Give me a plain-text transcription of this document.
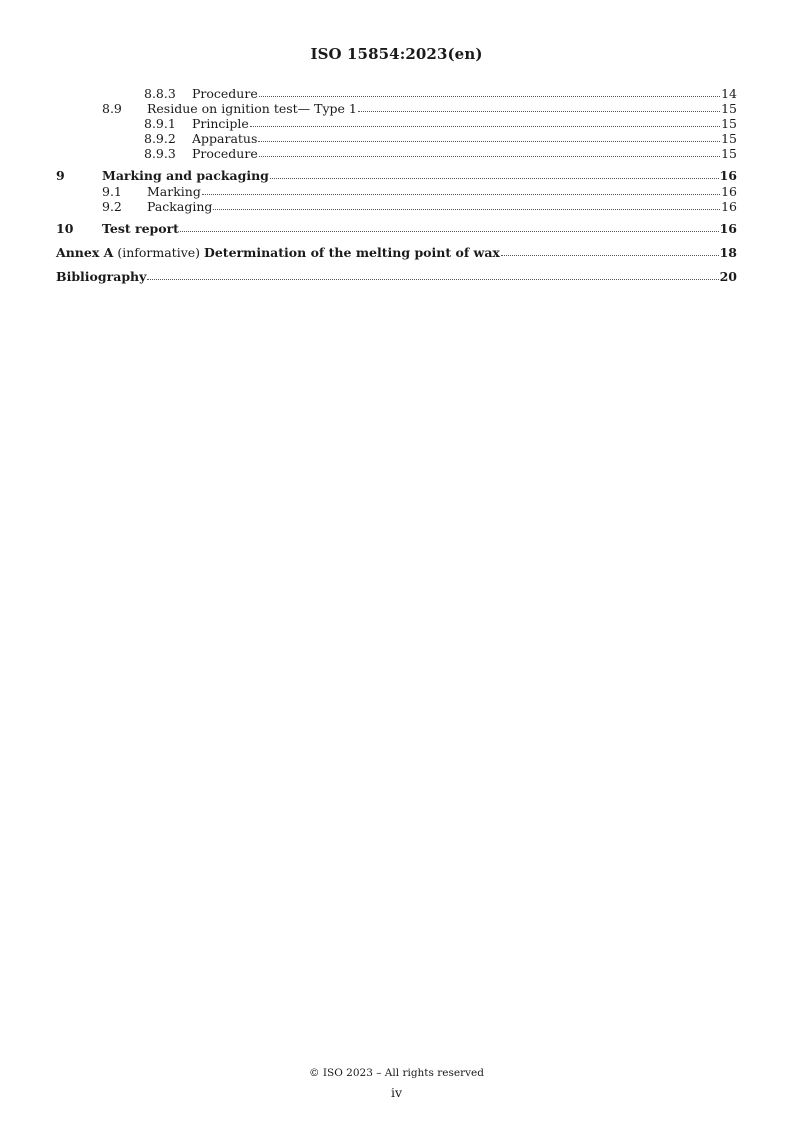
ISO 15854:2023(en)
8.8.3	Procedure	14
8.9	Residue on ignition test— Type 1	15
8.9.1	Principle	15
8.9.2	Apparatus	15
8.9.3	Procedure	15
9	Marking and packaging	16
9.1	Marking	16
9.2	Packaging	16
10	Test report	16
Annex A (informative) Determination of the melting point of wax	18
Bibliography	20
© ISO 2023 – All rights reserved
iv
